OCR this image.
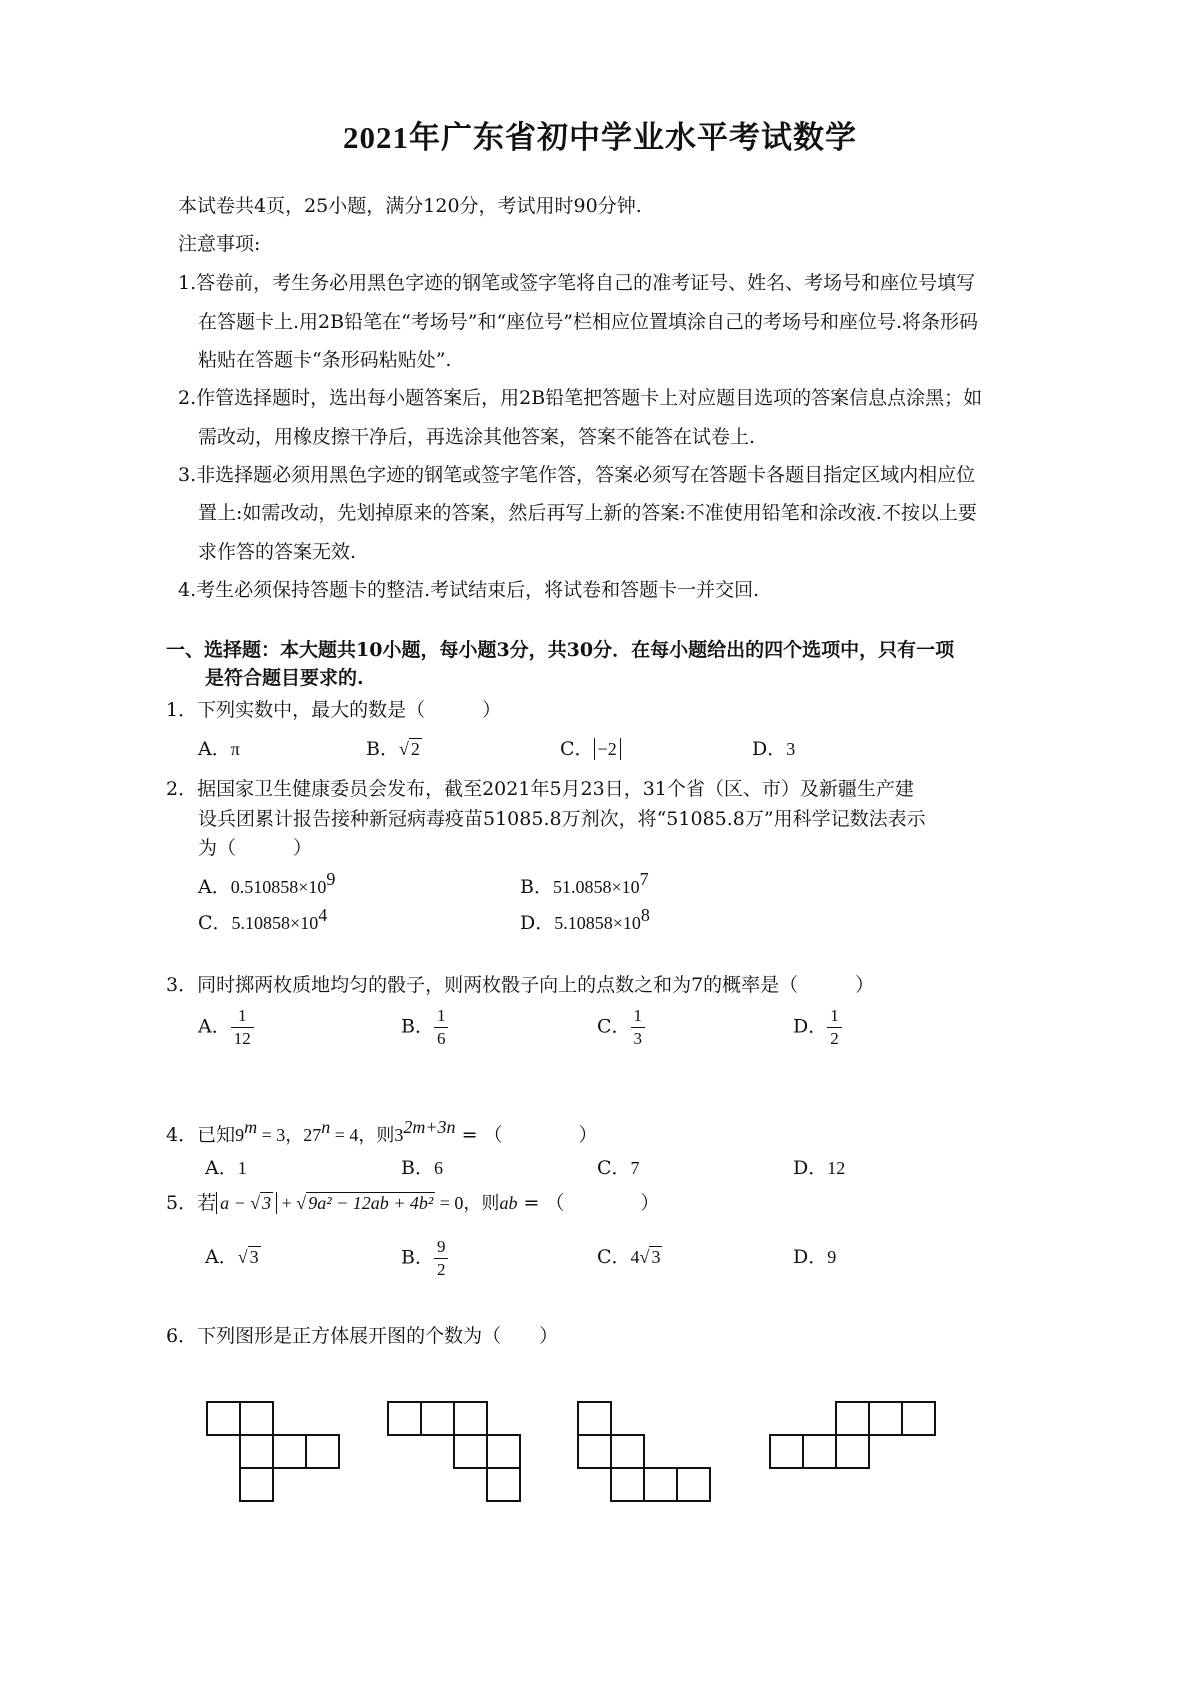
2021年广东省初中学业水平考试数学
本试卷共4页，25小题，满分120分，考试用时90分钟.
注意事项:
1.答卷前，考生务必用黑色字迹的钢笔或签字笔将自己的准考证号、姓名、考场号和座位号填写
在答题卡上.用2B铅笔在“考场号”和“座位号”栏相应位置填涂自己的考场号和座位号.将条形码
粘贴在答题卡“条形码粘贴处”.
2.作管选择题时，选出每小题答案后，用2B铅笔把答题卡上对应题目选项的答案信息点涂黑；如
需改动，用橡皮擦干净后，再选涂其他答案，答案不能答在试卷上.
3.非选择题必须用黑色字迹的钢笔或签字笔作答，答案必须写在答题卡各题目指定区域内相应位
置上:如需改动，先划掉原来的答案，然后再写上新的答案:不准使用铅笔和涂改液.不按以上要
求作答的答案无效.
4.考生必须保持答题卡的整洁.考试结束后，将试卷和答题卡一并交回.
一、选择题：本大题共10小题，每小题3分，共30分．在每小题给出的四个选项中，只有一项
是符合题目要求的.
1．下列实数中，最大的数是（　　　）
A．π	B．√ 2	C． −2	D．3
2．据国家卫生健康委员会发布，截至2021年5月23日，31个省（区、市）及新疆生产建
设兵团累计报告接种新冠病毒疫苗51085.8万剂次，将“51085.8万”用科学记数法表示
为（　　　）
A．$0.510858\times 10^9$	B．$51.0858\times 10^7$
C．$5.10858\times 10^4$	D．$5.10858\times 10^8$
3．同时掷两枚质地均匀的骰子，则两枚骰子向上的点数之和为7的概率是（　　　）
A． $\frac{1}{12}$	B． $\frac{1}{6}$	C． $\frac{1}{3}$	D． $\frac{1}{2}$
4．已知$9^m = 3$，$27^n = 4$，则$3^{2m+3n}$ = （　　　　）
A．1	B．6	C．7	D．12
5．若 a − √ 3 + √ 9a² − 12ab + 4b² = 0，则ab = （　　　　）
A．√ 3	B． $\frac{9}{2}$	C．4√ 3	D．9
6．下列图形是正方体展开图的个数为（　　）
